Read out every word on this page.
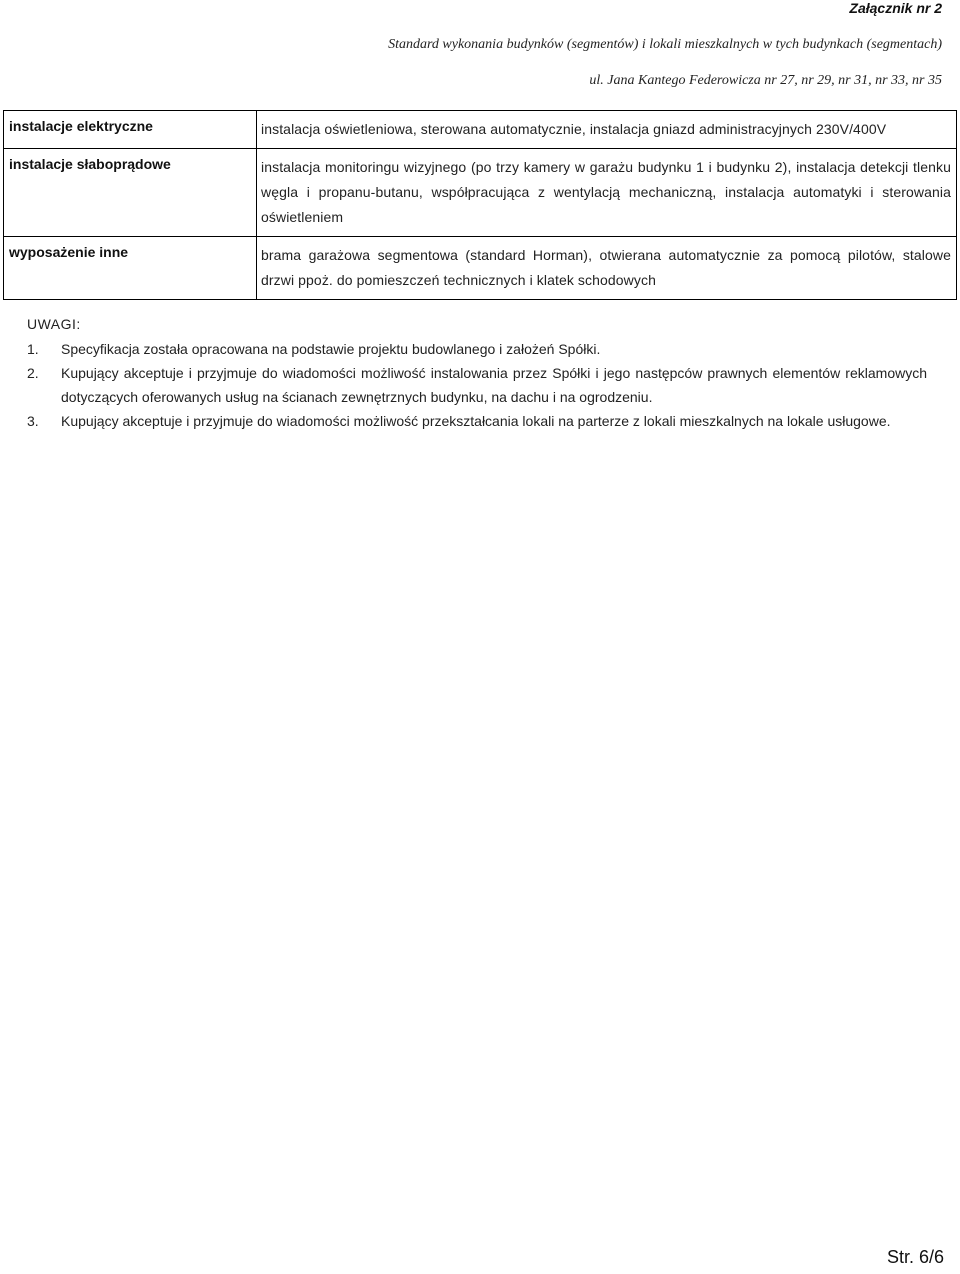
Załącznik nr 2
Standard wykonania budynków (segmentów) i lokali mieszkalnych w tych budynkach (segmentach)
ul. Jana Kantego Federowicza nr 27, nr 29, nr 31, nr 33, nr 35
instalacje elektryczne	instalacja oświetleniowa, sterowana automatycznie, instalacja gniazd administracyjnych 230V/400V
instalacje słaboprądowe	instalacja monitoringu wizyjnego (po trzy kamery w garażu budynku 1 i budynku 2), instalacja detekcji tlenku węgla i propanu-butanu, współpracująca z wentylacją mechaniczną, instalacja automatyki i sterowania oświetleniem
wyposażenie inne	brama garażowa segmentowa (standard Horman), otwierana automatycznie za pomocą pilotów, stalowe drzwi ppoż. do pomieszczeń technicznych i klatek schodowych
UWAGI:
1.	Specyfikacja została opracowana na podstawie projektu budowlanego i założeń Spółki.
2.	Kupujący akceptuje i przyjmuje do wiadomości możliwość instalowania przez Spółki i jego następców prawnych elementów reklamowych dotyczących oferowanych usług na ścianach zewnętrznych budynku, na dachu i na ogrodzeniu.
3.	Kupujący akceptuje i przyjmuje do wiadomości możliwość przekształcania lokali na parterze z lokali mieszkalnych na lokale usługowe.
Str. 6/6
